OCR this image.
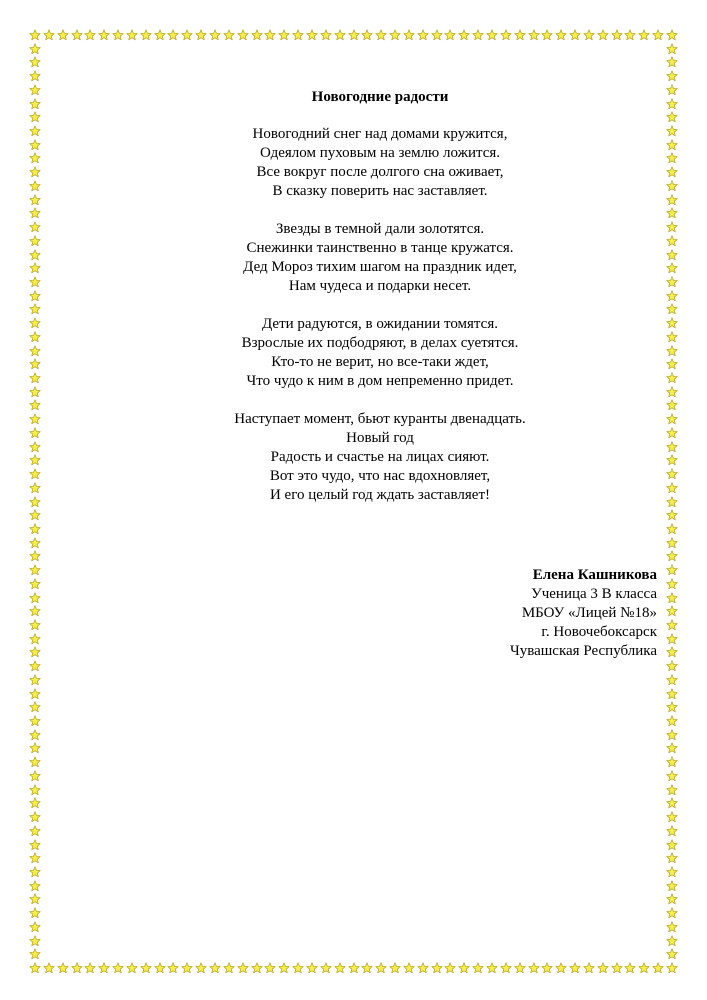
Новогодние радости
Новогодний снег над домами кружится,
Одеялом пуховым на землю ложится.
Все вокруг после долгого сна оживает,
В сказку поверить нас заставляет.
Звезды в темной дали золотятся.
Снежинки таинственно в танце кружатся.
Дед Мороз тихим шагом на праздник идет,
Нам чудеса и подарки несет.
Дети радуются, в ожидании томятся.
Взрослые их подбодряют, в делах суетятся.
Кто-то не верит, но все-таки ждет,
Что чудо к ним в дом непременно придет.
Наступает момент, бьют куранты двенадцать.
Новый год
Радость и счастье на лицах сияют.
Вот это чудо, что нас вдохновляет,
И его целый год ждать заставляет!
Елена Кашникова
Ученица 3 В класса
МБОУ «Лицей №18»
г. Новочебоксарск
Чувашская Республика
